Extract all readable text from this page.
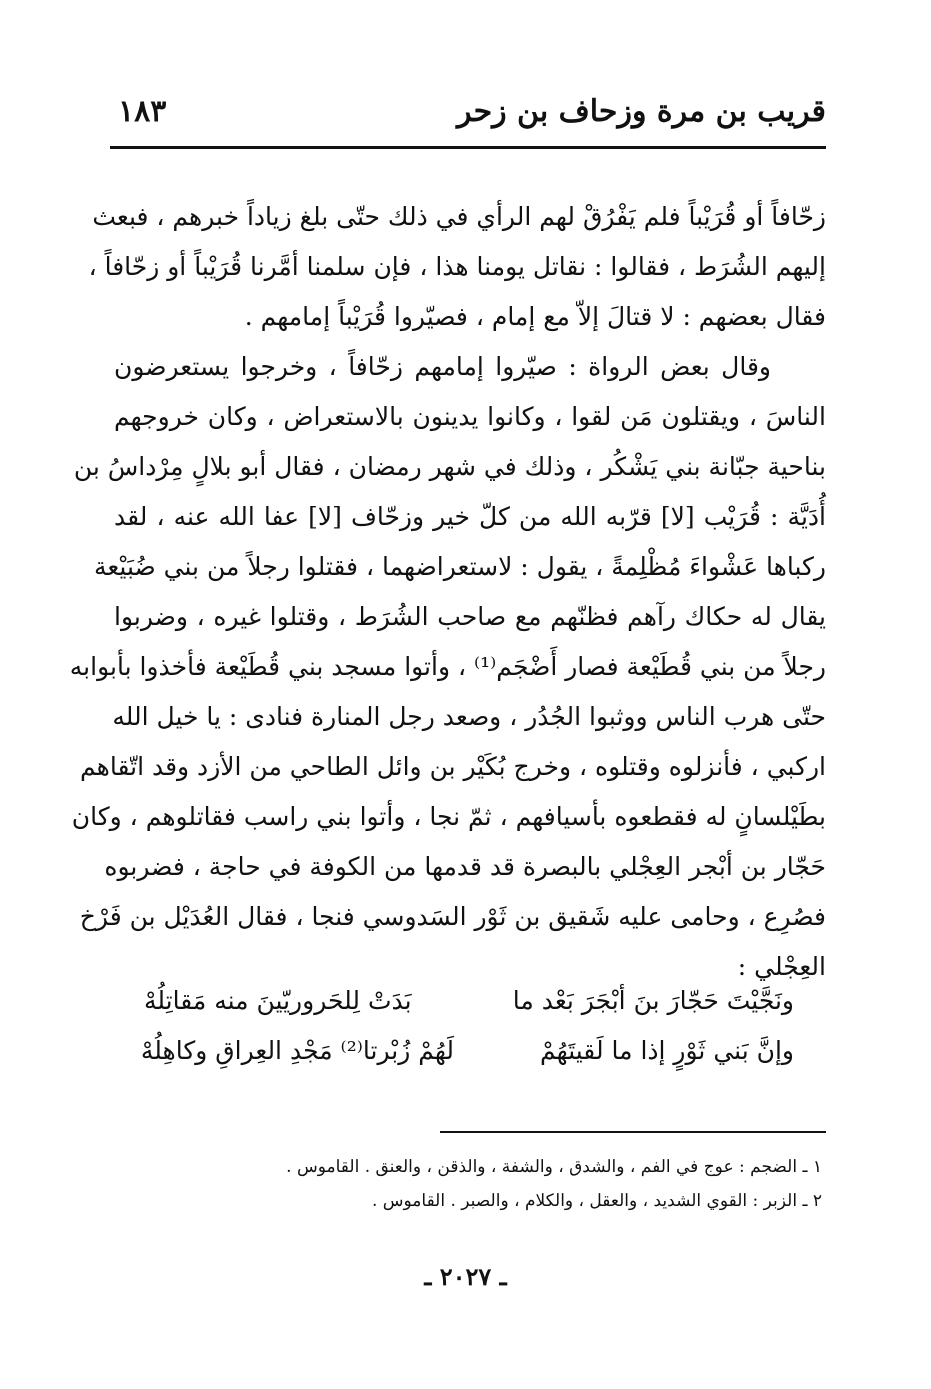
قريب بن مرة وزحاف بن زحر
١٨٣
زحّافاً أو قُرَيْباً فلم يَفْرُقْ لهم الرأي في ذلك حتّى بلغ زياداً خبرهم ، فبعث
إليهم الشُرَط ، فقالوا : نقاتل يومنا هذا ، فإن سلمنا أمَّرنا قُرَيْباً أو زحّافاً ،
فقال بعضهم : لا قتالَ إلاّ مع إمام ، فصيّروا قُرَيْباً إمامهم .
وقال بعض الرواة : صيّروا إمامهم زحّافاً ، وخرجوا يستعرضون
الناسَ ، ويقتلون مَن لقوا ، وكانوا يدينون بالاستعراض ، وكان خروجهم
بناحية جبّانة بني يَشْكُر ، وذلك في شهر رمضان ، فقال أبو بلالٍ مِرْداسُ بن
أُدَيَّة : قُرَيْب [لا] قرّبه الله من كلّ خير وزحّاف [لا] عفا الله عنه ، لقد
ركباها عَشْواءَ مُظْلِمةً ، يقول : لاستعراضهما ، فقتلوا رجلاً من بني ضُبَيْعة
يقال له حكاك رآهم فظنّهم مع صاحب الشُرَط ، وقتلوا غيره ، وضربوا
رجلاً من بني قُطَيْعة فصار أَضْجَم⁽¹⁾ ، وأتوا مسجد بني قُطَيْعة فأخذوا بأبوابه
حتّى هرب الناس ووثبوا الجُدُر ، وصعد رجل المنارة فنادى : يا خيل الله
اركبي ، فأنزلوه وقتلوه ، وخرج بُكَيْر بن وائل الطاحي من الأزد وقد اتّقاهم
بطَيْلسانٍ له فقطعوه بأسيافهم ، ثمّ نجا ، وأتوا بني راسب فقاتلوهم ، وكان
حَجّار بن أبْجر العِجْلي بالبصرة قد قدمها من الكوفة في حاجة ، فضربوه
فصُرِع ، وحامى عليه شَقيق بن ثَوْر السَدوسي فنجا ، فقال العُدَيْل بن فَرْخ
العِجْلي :
ونَجَّيْتَ حَجّارَ بنَ أبْجَرَ بَعْد ما
بَدَتْ لِلحَروريّينَ منه مَقاتِلُهْ
وإنَّ بَني ثَوْرٍ إذا ما لَقيتَهُمْ
لَهُمْ زُبْرتا⁽²⁾ مَجْدِ العِراقِ وكاهِلُهْ
١ ـ الضجم : عوج في الفم ، والشدق ، والشفة ، والذقن ، والعنق . القاموس .
٢ ـ الزبر : القوي الشديد ، والعقل ، والكلام ، والصبر . القاموس .
ـ ٢٠٢٧ ـ
